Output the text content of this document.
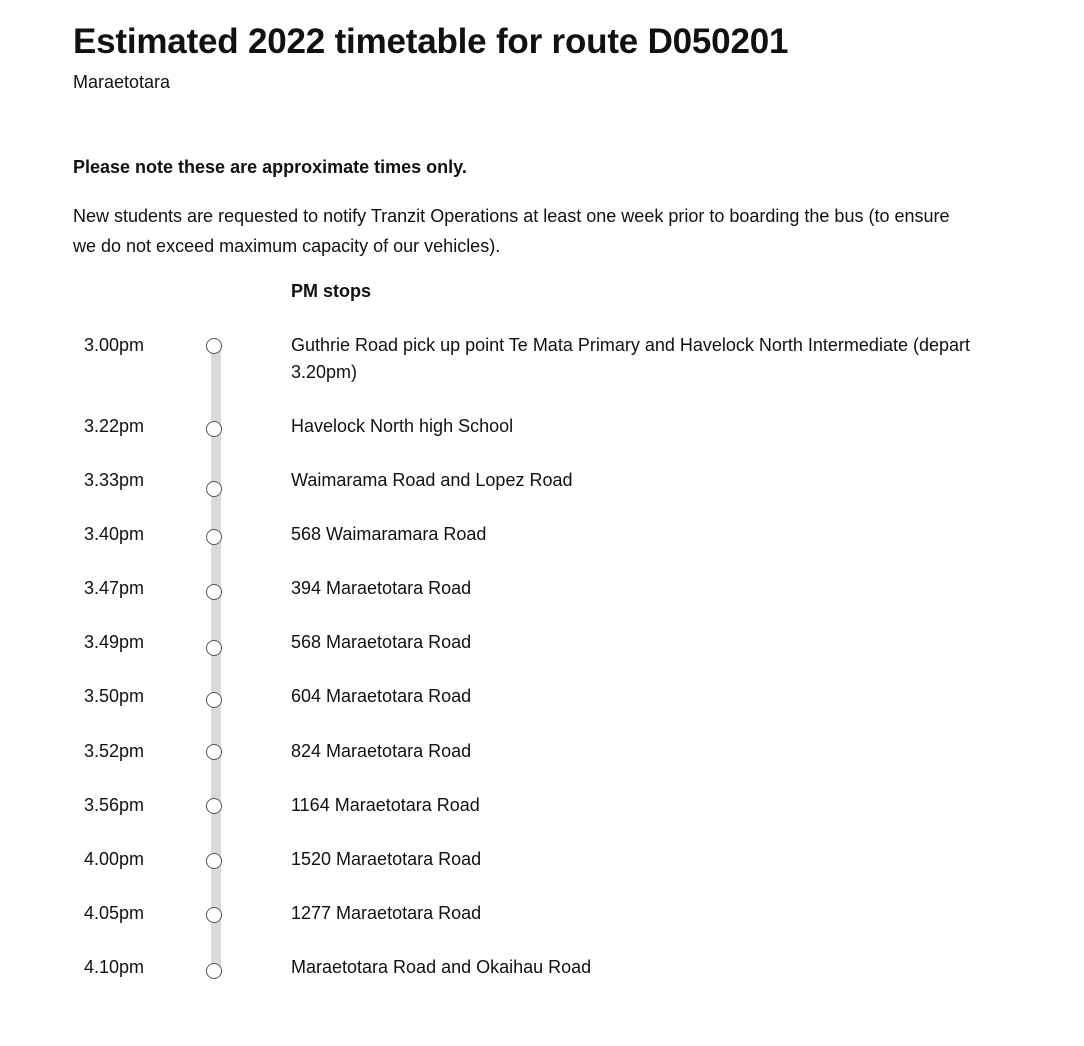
Estimated 2022 timetable for route D050201
Maraetotara
Please note these are approximate times only.
New students are requested to notify Tranzit Operations at least one week prior to boarding the bus (to ensure we do not exceed maximum capacity of our vehicles).
PM stops
3.00pm	Guthrie Road pick up point Te Mata Primary and Havelock North Intermediate (depart 3.20pm)
3.22pm	Havelock North high School
3.33pm	Waimarama Road and Lopez Road
3.40pm	568 Waimaramara Road
3.47pm	394 Maraetotara Road
3.49pm	568 Maraetotara Road
3.50pm	604 Maraetotara Road
3.52pm	824 Maraetotara Road
3.56pm	1164 Maraetotara Road
4.00pm	1520 Maraetotara Road
4.05pm	1277 Maraetotara Road
4.10pm	Maraetotara Road and Okaihau Road
